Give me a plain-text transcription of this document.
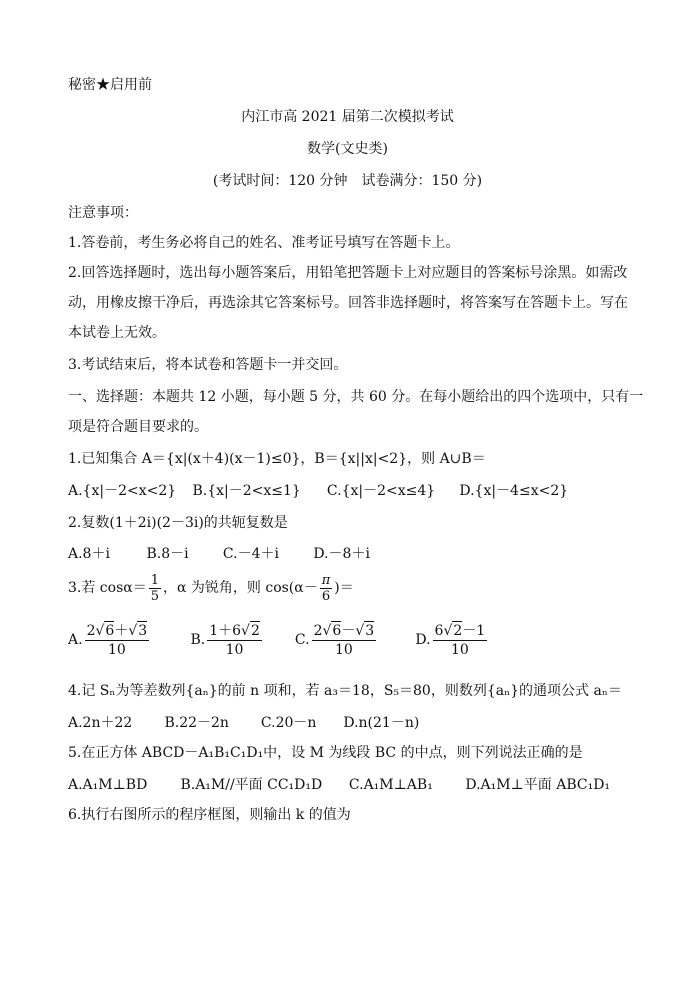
秘密★启用前
内江市高 2021 届第二次模拟考试
数学(文史类)
(考试时间：120 分钟　试卷满分：150 分)
注意事项：
1.答卷前，考生务必将自己的姓名、准考证号填写在答题卡上。
2.回答选择题时，选出每小题答案后，用铅笔把答题卡上对应题目的答案标号涂黑。如需改
动，用橡皮擦干净后，再选涂其它答案标号。回答非选择题时，将答案写在答题卡上。写在
本试卷上无效。
3.考试结束后，将本试卷和答题卡一并交回。
一、选择题：本题共 12 小题，每小题 5 分，共 60 分。在每小题给出的四个选项中，只有一
项是符合题目要求的。
1.已知集合 A＝{x|(x＋4)(x－1)≤0}，B＝{x||x|<2}，则 A∪B＝
A.{x|－2<x<2} B.{x|－2<x≤1} C.{x|－2<x≤4} D.{x|－4≤x<2}
2.复数(1＋2i)(2－3i)的共轭复数是
A.8＋i	B.8－i C.－4＋i D.－8＋i
3.若 $\cos\alpha= \frac{1}{5}$ ，α 为锐角，则 $\cos(\alpha- \frac{\pi}{6}$ )＝
A. $\frac{2√6+√3}{10}$	B. $\frac{1+6√2}{10} C$. $\frac{2√6-√3}{10}$	D. $\frac{6√2-1}{10}$
4.记 Sₙ为等差数列{aₙ}的前 n 项和，若 a₃＝18，S₅＝80，则数列{aₙ}的通项公式 aₙ＝
A.2n＋22 B.22－2n C.20－n D.n(21－n)
5.在正方体 ABCD－A₁B₁C₁D₁中，设 M 为线段 BC 的中点，则下列说法正确的是
A.A₁M⊥BD B.A₁M//平面 CC₁D₁D C.A₁M⊥AB₁ D.A₁M⊥平面 ABC₁D₁
6.执行右图所示的程序框图，则输出 k 的值为
